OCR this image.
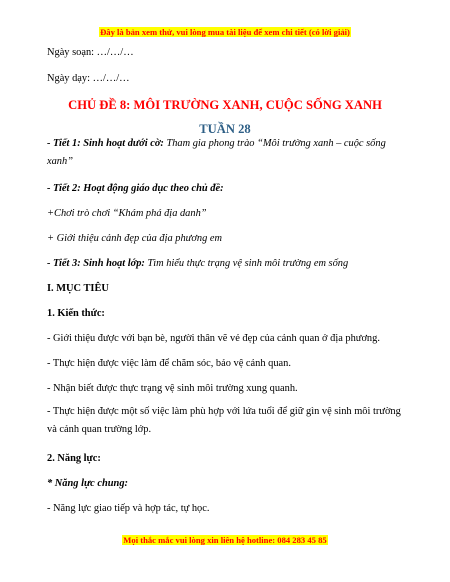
Đây là bản xem thử, vui lòng mua tài liệu để xem chi tiết (có lời giải)
Ngày soạn: …/…/…
Ngày dạy: …/…/…
CHỦ ĐỀ 8: MÔI TRƯỜNG XANH, CUỘC SỐNG XANH
TUẦN 28
- Tiết 1: Sinh hoạt dưới cờ: Tham gia phong trào “Môi trường xanh – cuộc sống xanh”
- Tiết 2: Hoạt động giáo dục theo chủ đề:
+Chơi trò chơi “Khám phá địa danh”
+ Giới thiệu cảnh đẹp của địa phương em
- Tiết 3: Sinh hoạt lớp: Tìm hiểu thực trạng vệ sinh môi trường em sống
I. MỤC TIÊU
1. Kiến thức:
- Giới thiệu được với bạn bè, người thân vẽ vẻ đẹp của cảnh quan ở địa phương.
- Thực hiện được việc làm để chăm sóc, bảo vệ cảnh quan.
- Nhận biết được thực trạng vệ sinh môi trường xung quanh.
- Thực hiện được một số việc làm phù hợp với lứa tuổi để giữ gìn vệ sinh môi trường và cảnh quan trường lớp.
2. Năng lực:
* Năng lực chung:
- Năng lực giao tiếp và hợp tác, tự học.
Mọi thắc mắc vui lòng xin liên hệ hotline: 084 283 45 85
